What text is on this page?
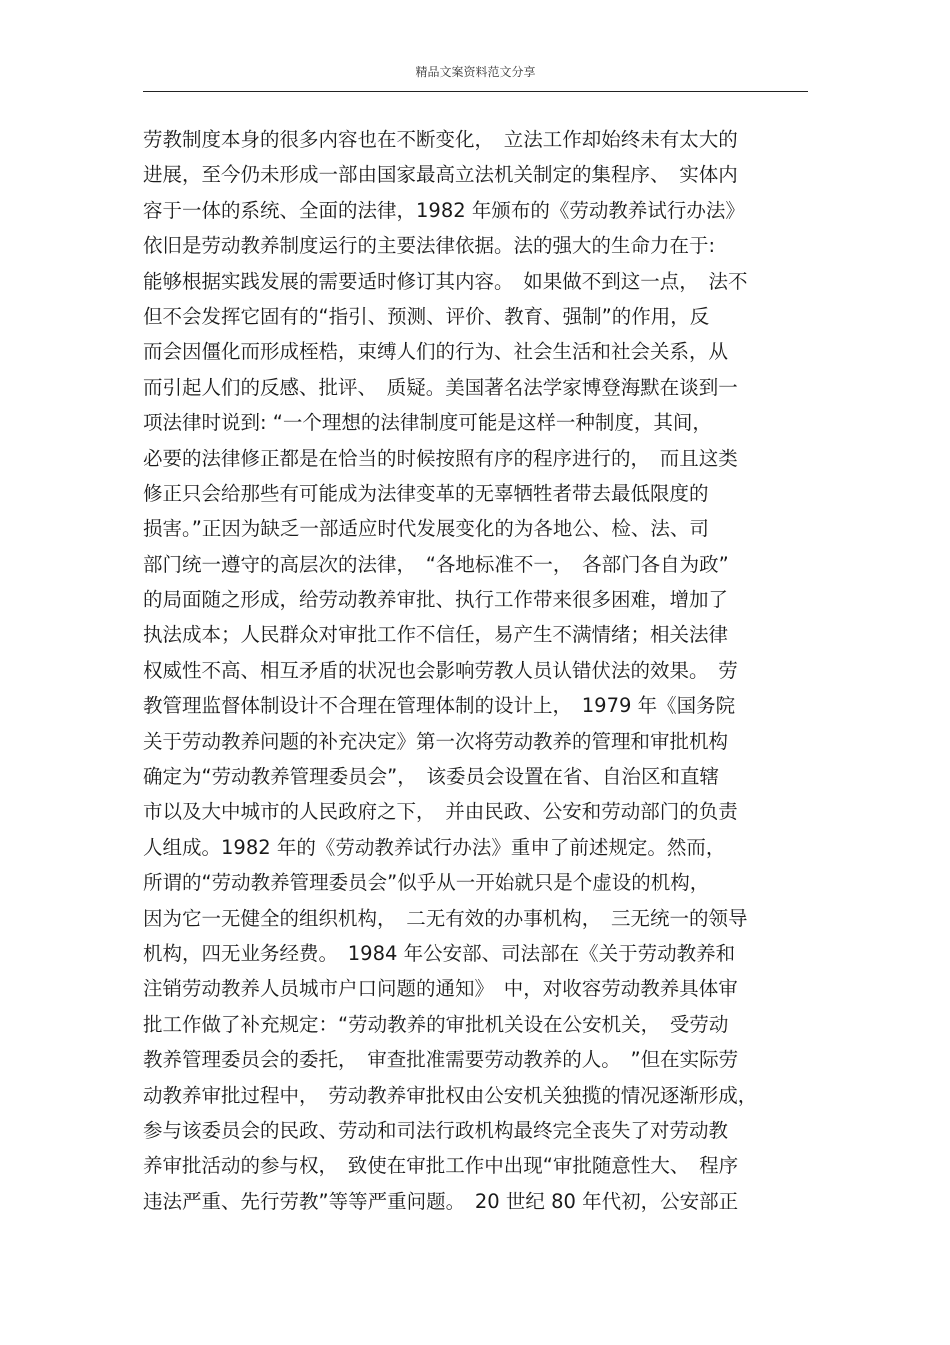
精品文案资料范文分享
劳教制度本身的很多内容也在不断变化，　立法工作却始终未有太大的
进展，至今仍未形成一部由国家最高立法机关制定的集程序、　实体内
容于一体的系统、全面的法律，1982 年颁布的《劳动教养试行办法》
依旧是劳动教养制度运行的主要法律依据。法的强大的生命力在于:
能够根据实践发展的需要适时修订其内容。　如果做不到这一点，　法不
但不会发挥它固有的“指引、预测、评价、教育、强制”的作用，反
而会因僵化而形成桎梏，束缚人们的行为、社会生活和社会关系，从
而引起人们的反感、批评、　质疑。美国著名法学家博登海默在谈到一
项法律时说到: “一个理想的法律制度可能是这样一种制度，其间，
必要的法律修正都是在恰当的时候按照有序的程序进行的，　而且这类
修正只会给那些有可能成为法律变革的无辜牺牲者带去最低限度的
损害。”正因为缺乏一部适应时代发展变化的为各地公、检、法、司
部门统一遵守的高层次的法律，　“各地标准不一，　各部门各自为政”
的局面随之形成，给劳动教养审批、执行工作带来很多困难，增加了
执法成本；人民群众对审批工作不信任，易产生不满情绪；相关法律
权威性不高、相互矛盾的状况也会影响劳教人员认错伏法的效果。　劳
教管理监督体制设计不合理在管理体制的设计上，　1979 年《国务院
关于劳动教养问题的补充决定》第一次将劳动教养的管理和审批机构
确定为“劳动教养管理委员会”，　该委员会设置在省、自治区和直辖
市以及大中城市的人民政府之下，　并由民政、公安和劳动部门的负责
人组成。1982 年的《劳动教养试行办法》重申了前述规定。然而，
所谓的“劳动教养管理委员会”似乎从一开始就只是个虚设的机构，
因为它一无健全的组织机构，　二无有效的办事机构，　三无统一的领导
机构，四无业务经费。　1984 年公安部、司法部在《关于劳动教养和
注销劳动教养人员城市户口问题的通知》　中，对收容劳动教养具体审
批工作做了补充规定：“劳动教养的审批机关设在公安机关，　受劳动
教养管理委员会的委托，　审查批准需要劳动教养的人。　”但在实际劳
动教养审批过程中，　劳动教养审批权由公安机关独揽的情况逐渐形成，
参与该委员会的民政、劳动和司法行政机构最终完全丧失了对劳动教
养审批活动的参与权，　致使在审批工作中出现“审批随意性大、　程序
违法严重、先行劳教”等等严重问题。　20 世纪 80 年代初，公安部正
